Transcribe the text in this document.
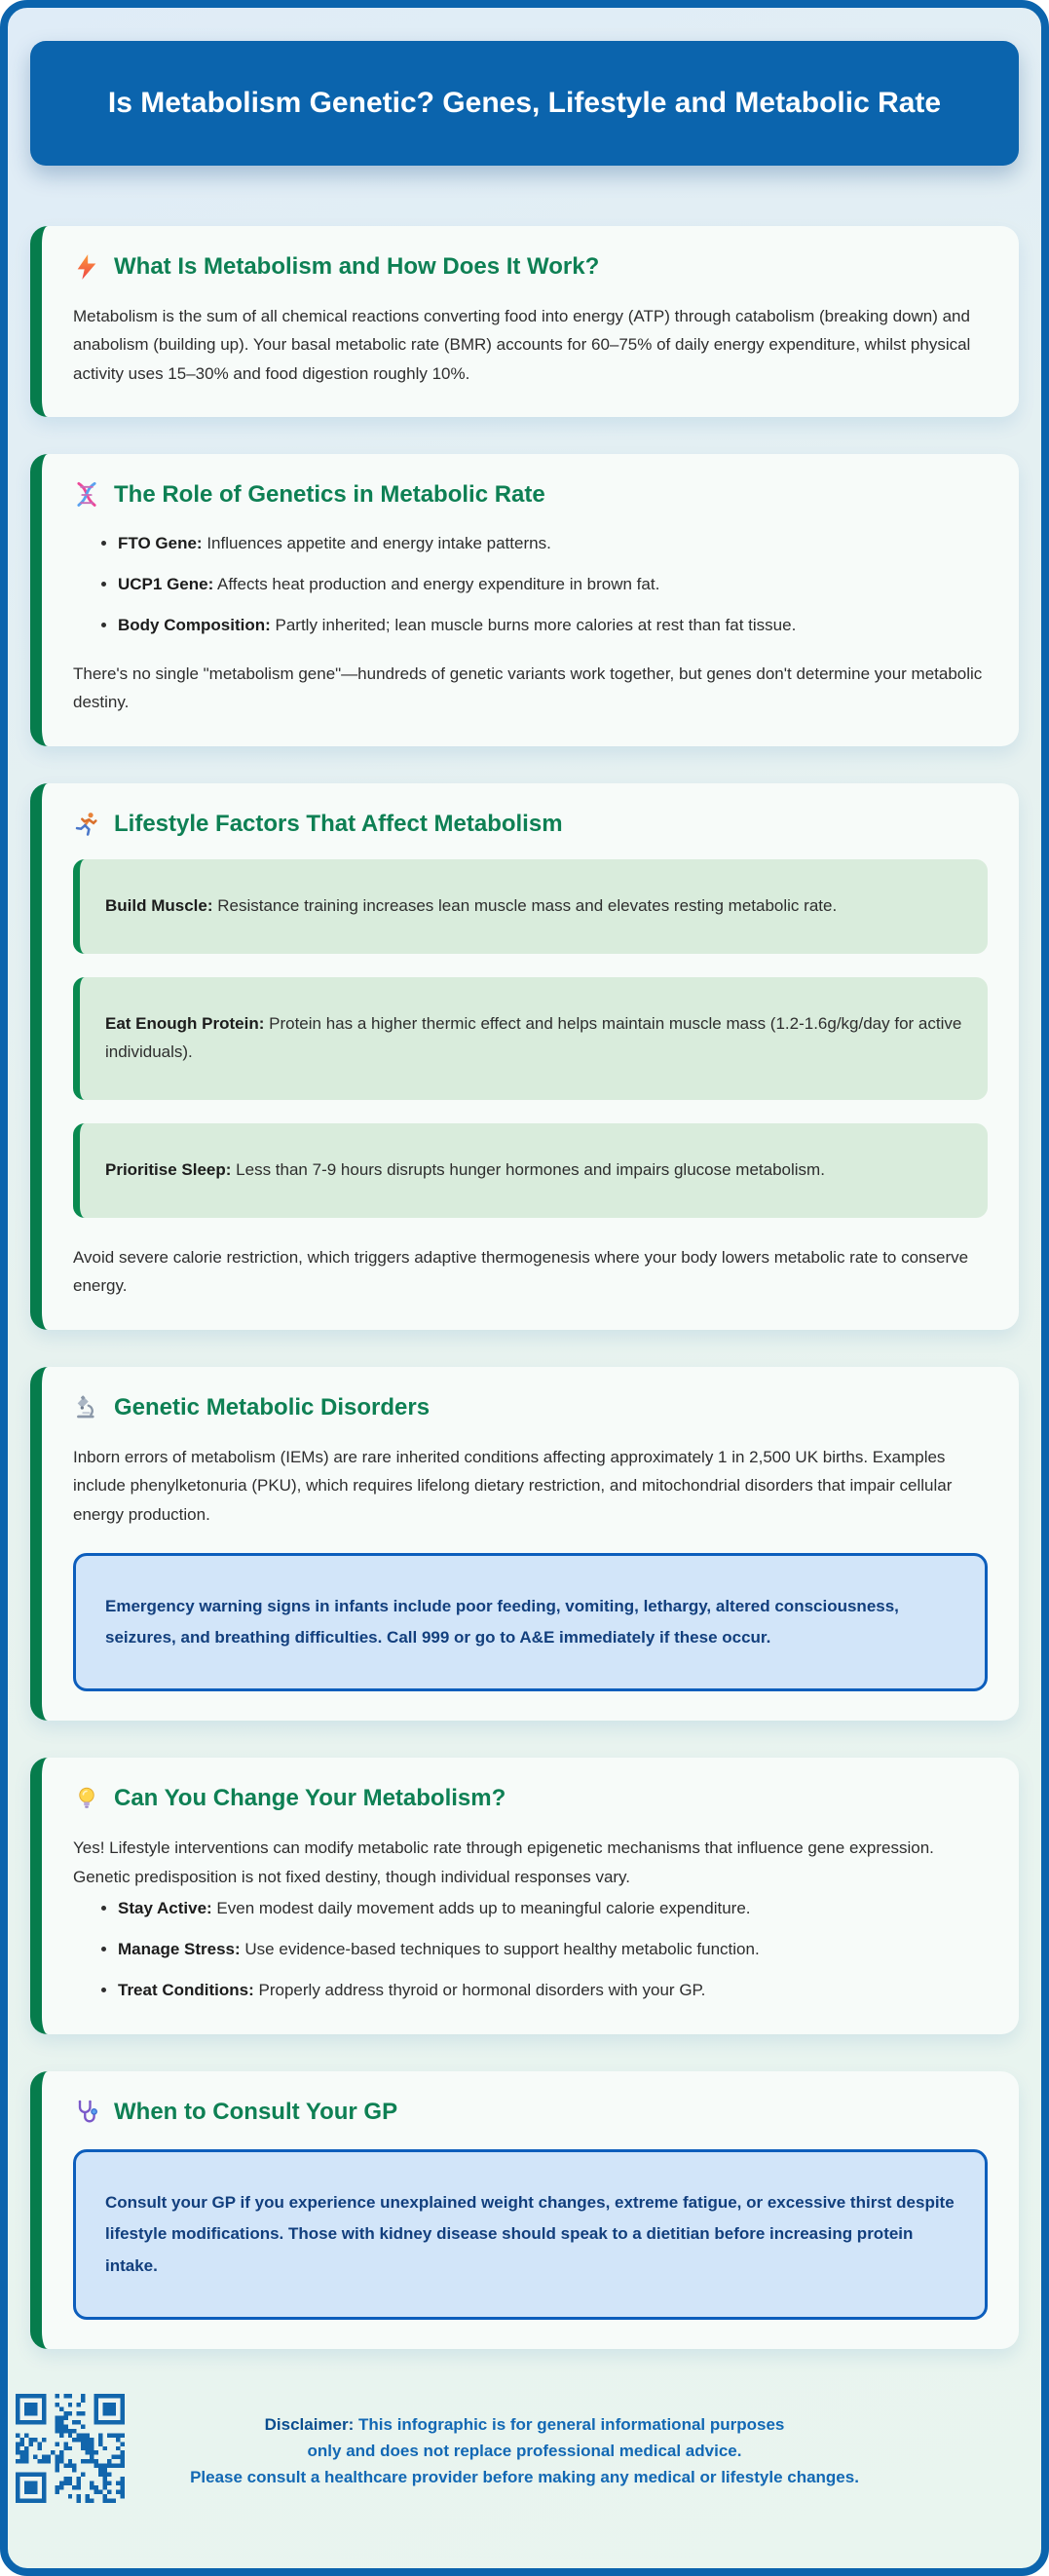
Is Metabolism Genetic? Genes, Lifestyle and Metabolic Rate
What Is Metabolism and How Does It Work?

Metabolism is the sum of all chemical reactions converting food into energy (ATP) through catabolism (breaking down) and anabolism (building up). Your basal metabolic rate (BMR) accounts for 60–75% of daily energy expenditure, whilst physical activity uses 15–30% and food digestion roughly 10%.

The Role of Genetics in Metabolic Rate
• FTO Gene: Influences appetite and energy intake patterns.
• UCP1 Gene: Affects heat production and energy expenditure in brown fat.
• Body Composition: Partly inherited; lean muscle burns more calories at rest than fat tissue.

There's no single "metabolism gene"—hundreds of genetic variants work together, but genes don't determine your metabolic destiny.

Lifestyle Factors That Affect Metabolism
Build Muscle: Resistance training increases lean muscle mass and elevates resting metabolic rate.
Eat Enough Protein: Protein has a higher thermic effect and helps maintain muscle mass (1.2-1.6g/kg/day for active individuals).
Prioritise Sleep: Less than 7-9 hours disrupts hunger hormones and impairs glucose metabolism.

Avoid severe calorie restriction, which triggers adaptive thermogenesis where your body lowers metabolic rate to conserve energy.

Genetic Metabolic Disorders

Inborn errors of metabolism (IEMs) are rare inherited conditions affecting approximately 1 in 2,500 UK births. Examples include phenylketonuria (PKU), which requires lifelong dietary restriction, and mitochondrial disorders that impair cellular energy production.

Emergency warning signs in infants include poor feeding, vomiting, lethargy, altered consciousness, seizures, and breathing difficulties. Call 999 or go to A&E immediately if these occur.
Can You Change Your Metabolism?

Yes! Lifestyle interventions can modify metabolic rate through epigenetic mechanisms that influence gene expression. Genetic predisposition is not fixed destiny, though individual responses vary.

• Stay Active: Even modest daily movement adds up to meaningful calorie expenditure.
• Manage Stress: Use evidence-based techniques to support healthy metabolic function.
• Treat Conditions: Properly address thyroid or hormonal disorders with your GP.
When to Consult Your GP
Consult your GP if you experience unexplained weight changes, extreme fatigue, or excessive thirst despite lifestyle modifications. Those with kidney disease should speak to a dietitian before increasing protein intake.
Disclaimer: This infographic is for general informational purposes
only and does not replace professional medical advice.
Please consult a healthcare provider before making any medical or lifestyle changes.
